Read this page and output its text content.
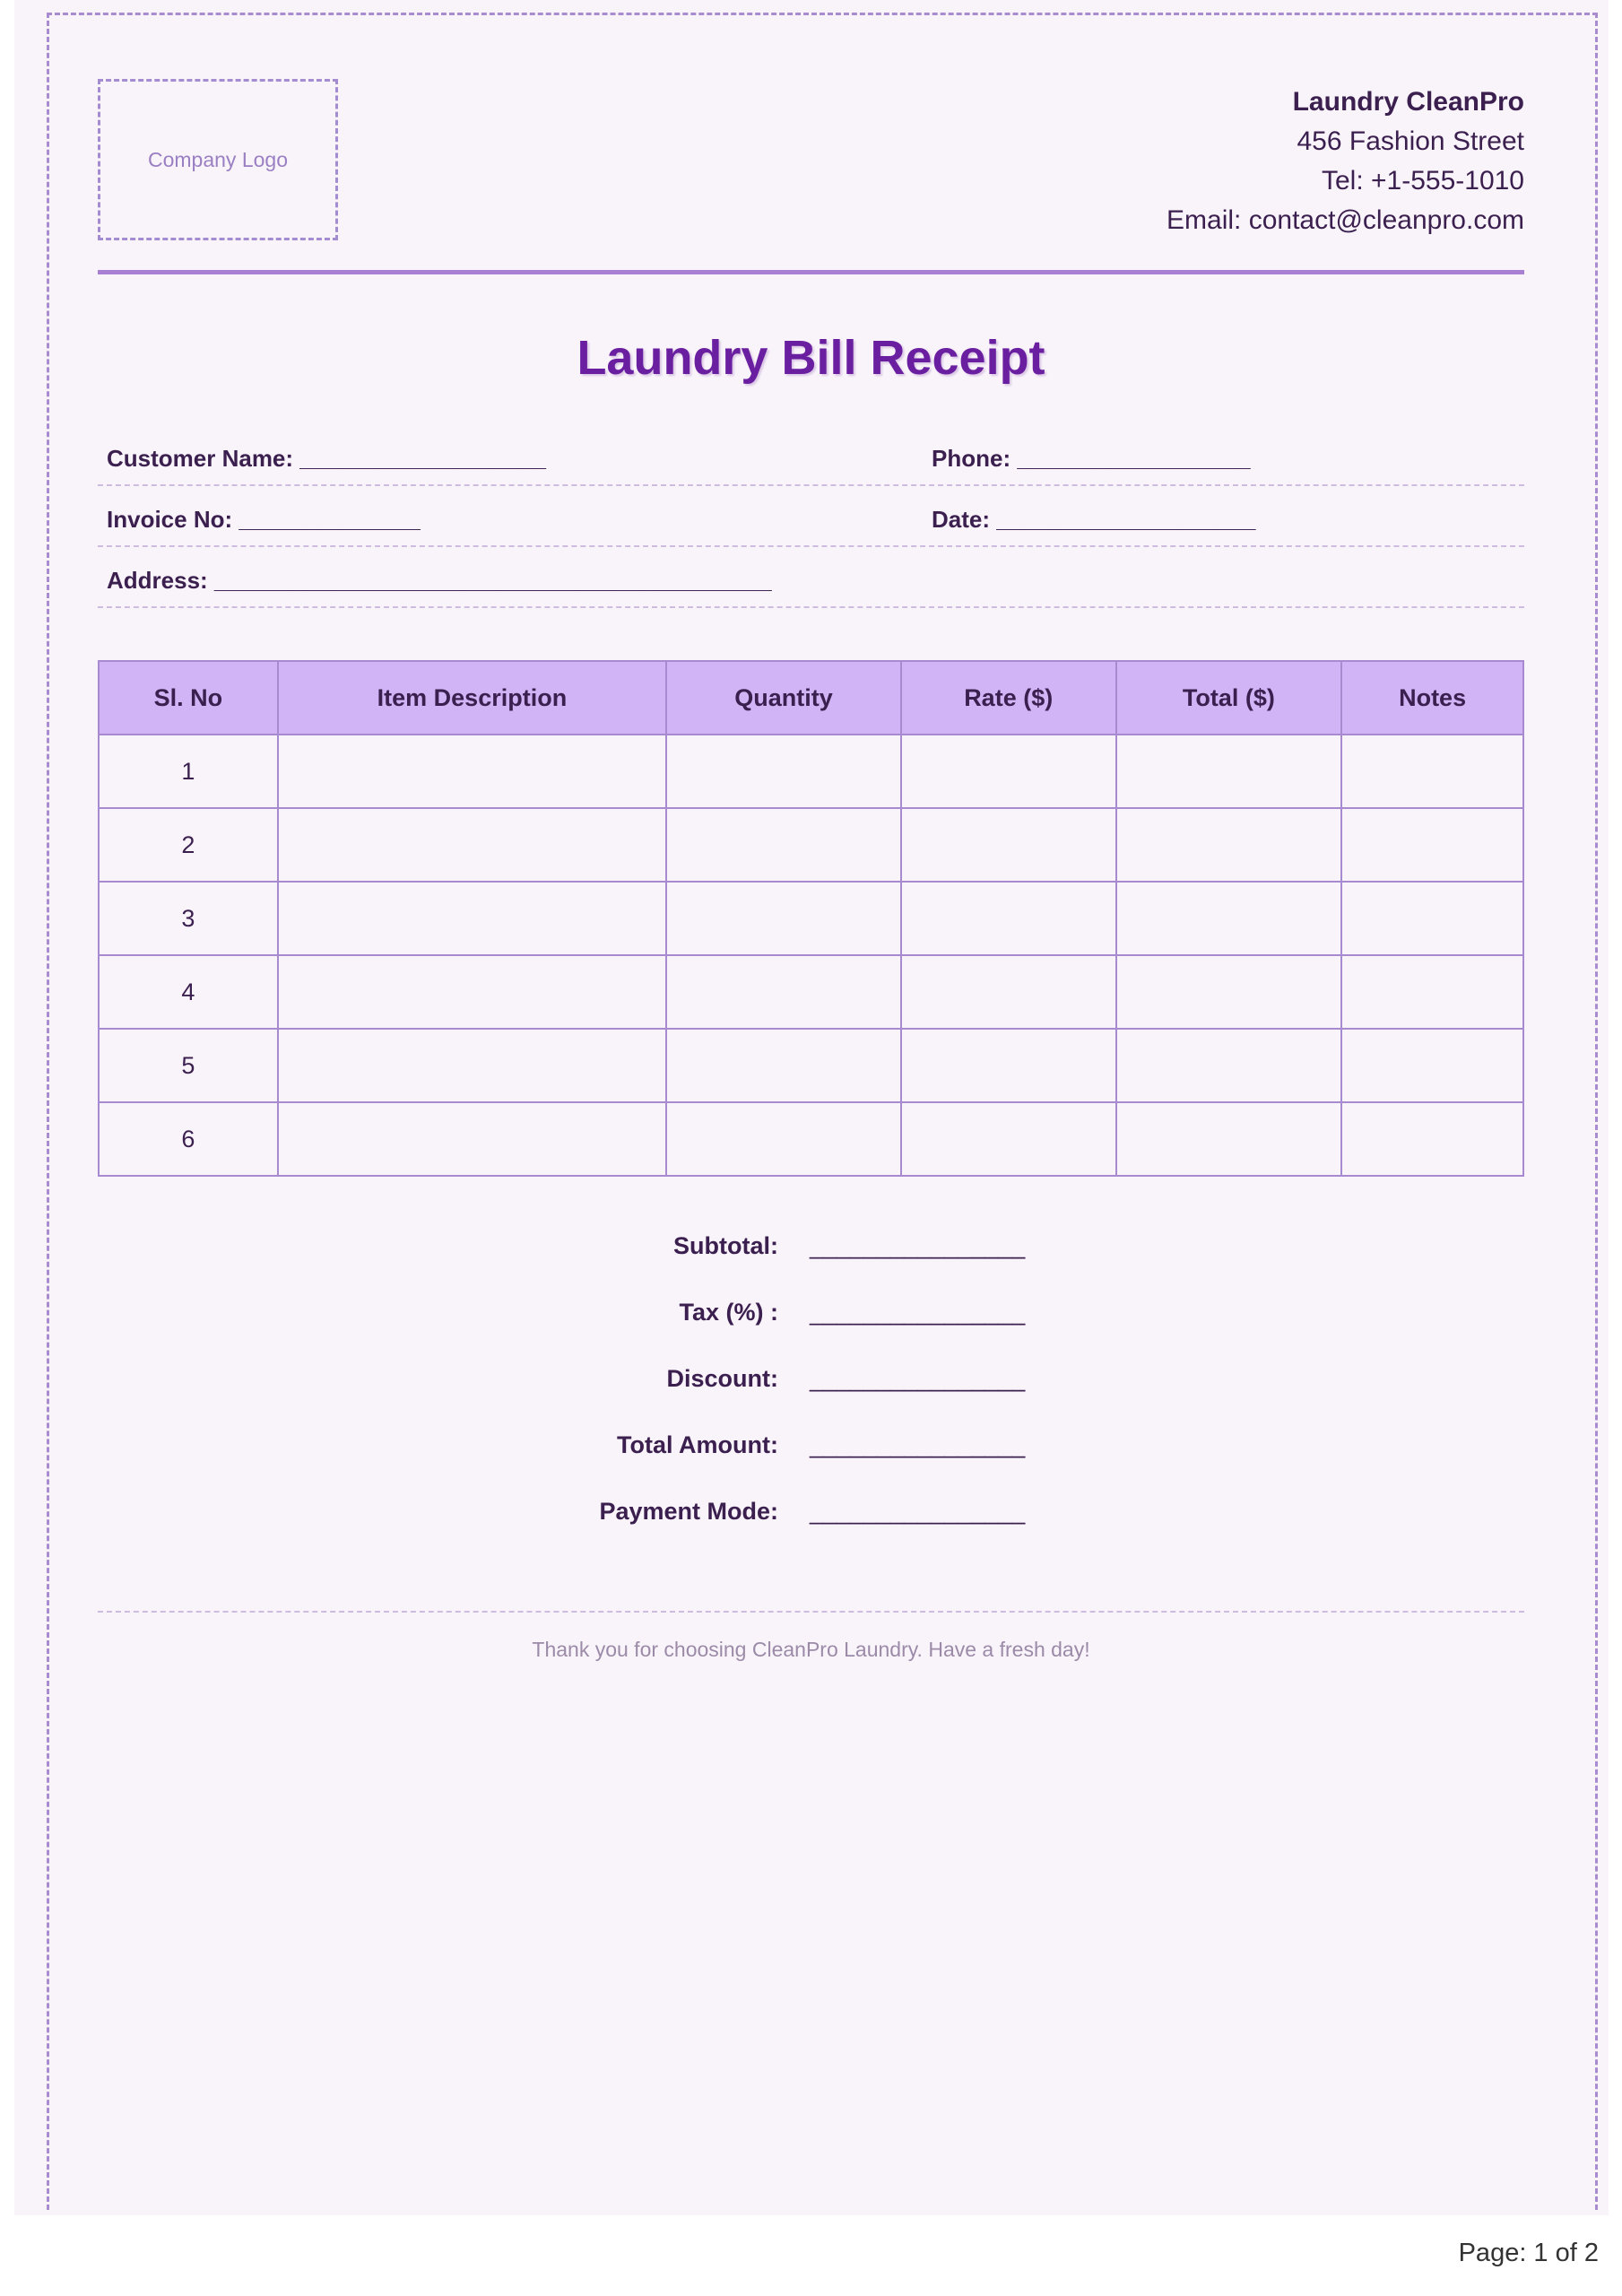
Company Logo
Laundry CleanPro
456 Fashion Street
Tel: +1-555-1010
Email: contact@cleanpro.com
Laundry Bill Receipt
Customer Name: ___________________	Phone: __________________
Invoice No: ______________	Date: ____________________
Address: ___________________________________________
Sl. No	Item Description	Quantity	Rate ($)	Total ($)	Notes
1					
2					
3					
4					
5					
6					
Subtotal: ________________
Tax (%) : ________________
Discount: ________________
Total Amount: ________________
Payment Mode: ________________
Thank you for choosing CleanPro Laundry. Have a fresh day!
Page: 1 of 2
